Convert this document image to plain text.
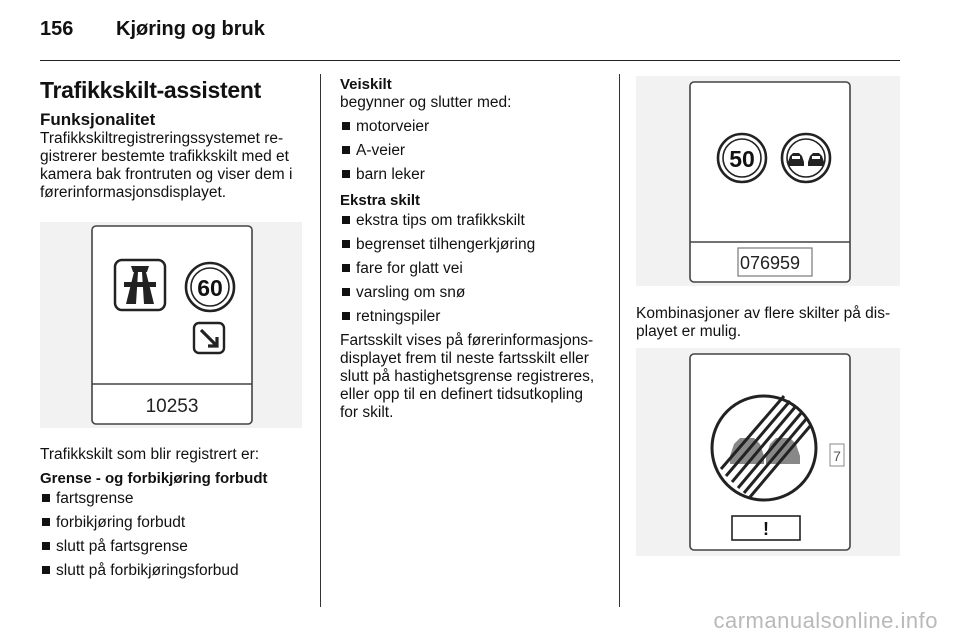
156 Kjøring og bruk
Trafikkskilt-assistent
Funksjonalitet
Trafikkskiltregistreringssystemet re-
gistrerer bestemte trafikkskilt med et
kamera bak frontruten og viser dem i
førerinformasjonsdisplayet.
60
10253
Trafikkskilt som blir registrert er:
Grense - og forbikjøring forbudt
fartsgrense
forbikjøring forbudt
slutt på fartsgrense
slutt på forbikjøringsforbud
Veiskilt
begynner og slutter med:
motorveier
A-veier
barn leker
Ekstra skilt
ekstra tips om trafikkskilt
begrenset tilhengerkjøring
fare for glatt vei
varsling om snø
retningspiler
Fartsskilt vises på førerinformasjons-
displayet frem til neste fartsskilt eller
slutt på hastighetsgrense registreres,
eller opp til en definert tidsutkopling
for skilt.
50
076959
Kombinasjoner av flere skilter på dis-
playet er mulig.
7
!
carmanualsonline.info
